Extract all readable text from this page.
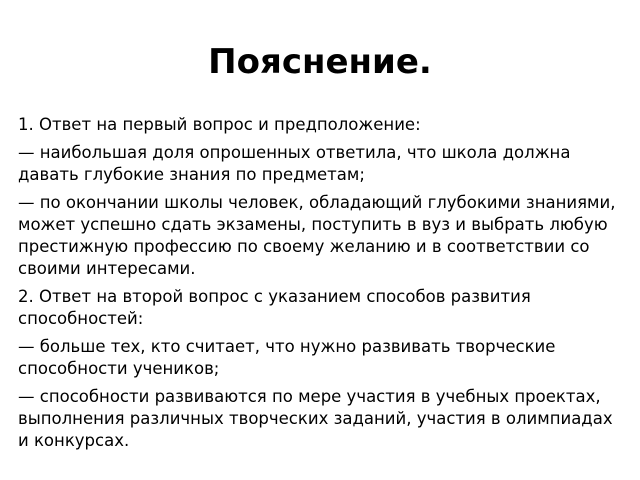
Пояснение.

1. Ответ на первый вопрос и предположение:

— наибольшая доля опрошенных ответила, что школа должна давать глубокие знания по предметам;

— по окончании школы человек, обладающий глубокими знаниями, может успешно сдать экзамены, поступить в вуз и выбрать любую престижную профессию по своему желанию и в соответствии со своими интересами.

2. Ответ на второй вопрос с указанием способов развития способностей:

— больше тех, кто считает, что нужно развивать творческие способности учеников;

— способности развиваются по мере участия в учебных проектах, выполнения различных творческих заданий, участия в олимпиадах и конкурсах.
